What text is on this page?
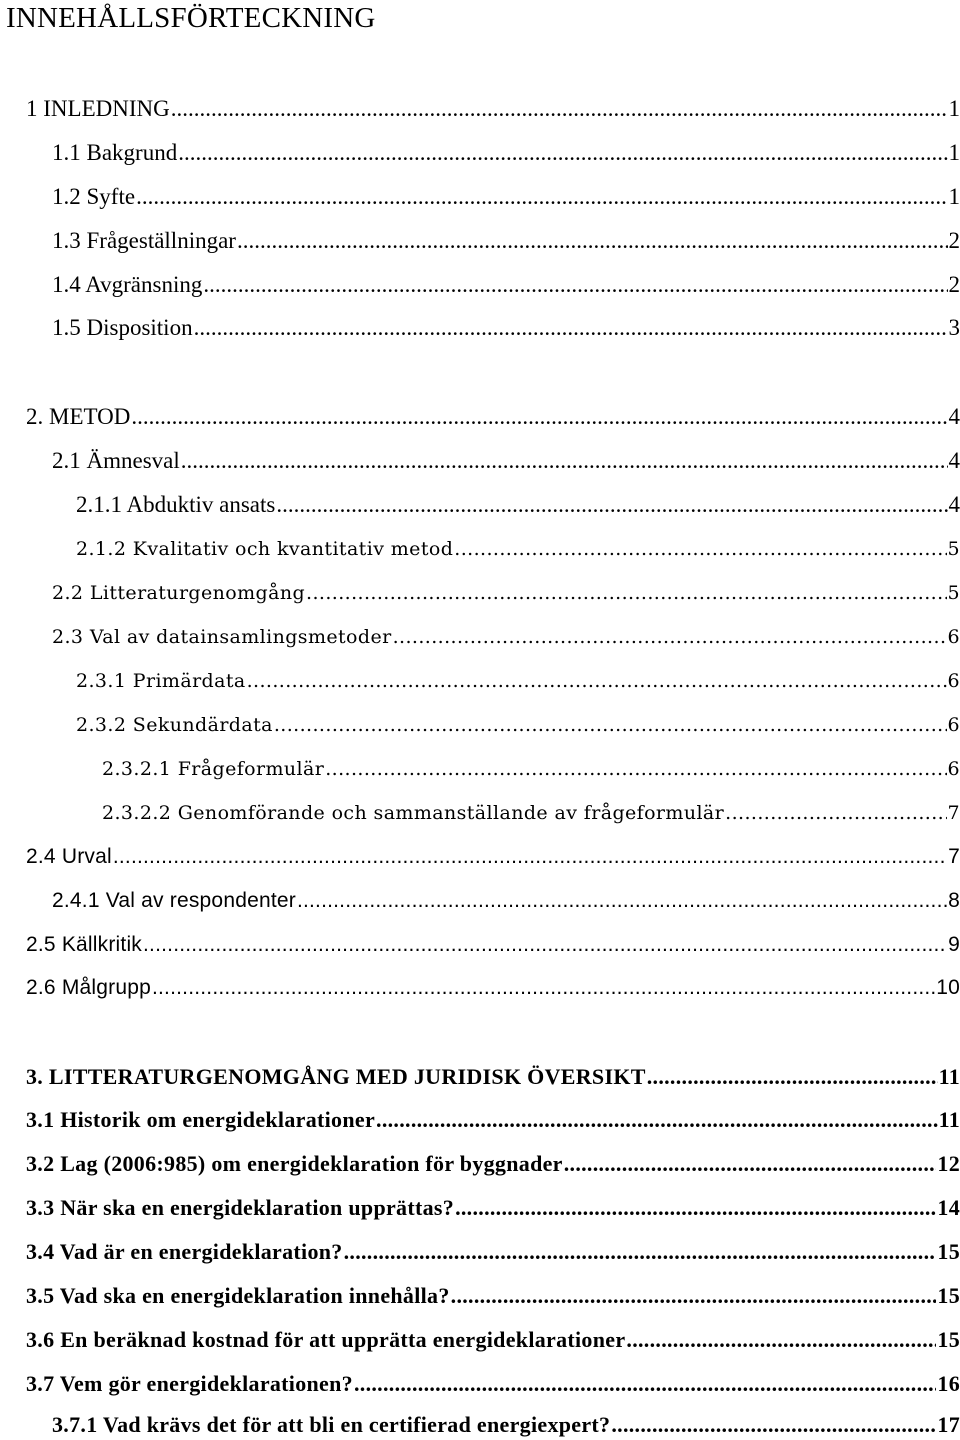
INNEHÅLLSFÖRTECKNING
1 INLEDNING .....	1
1.1 Bakgrund .....	1
1.2 Syfte .....	1
1.3 Frågeställningar .....	2
1.4 Avgränsning .....	2
1.5 Disposition .....	3
2. METOD .....	4
2.1 Ämnesval .....	4
2.1.1 Abduktiv ansats .....	4
2.1.2 Kvalitativ och kvantitativ metod .....	5
2.2 Litteraturgenomgång .....	5
2.3 Val av datainsamlingsmetoder .....	6
2.3.1 Primärdata .....	6
2.3.2 Sekundärdata .....	6
2.3.2.1 Frågeformulär .....	6
2.3.2.2 Genomförande och sammanställande av frågeformulär .....	7
2.4 Urval .....	7
2.4.1 Val av respondenter .....	8
2.5 Källkritik .....	9
2.6 Målgrupp .....	10
3. LITTERATURGENOMGÅNG MED JURIDISK ÖVERSIKT .....	11
3.1 Historik om energideklarationer .....	11
3.2 Lag (2006:985) om energideklaration för byggnader .....	12
3.3 När ska en energideklaration upprättas? .....	14
3.4 Vad är en energideklaration? .....	15
3.5 Vad ska en energideklaration innehålla? .....	15
3.6 En beräknad kostnad för att upprätta energideklarationer .....	15
3.7 Vem gör energideklarationen? .....	16
3.7.1 Vad krävs det för att bli en certifierad energiexpert? .....	17
